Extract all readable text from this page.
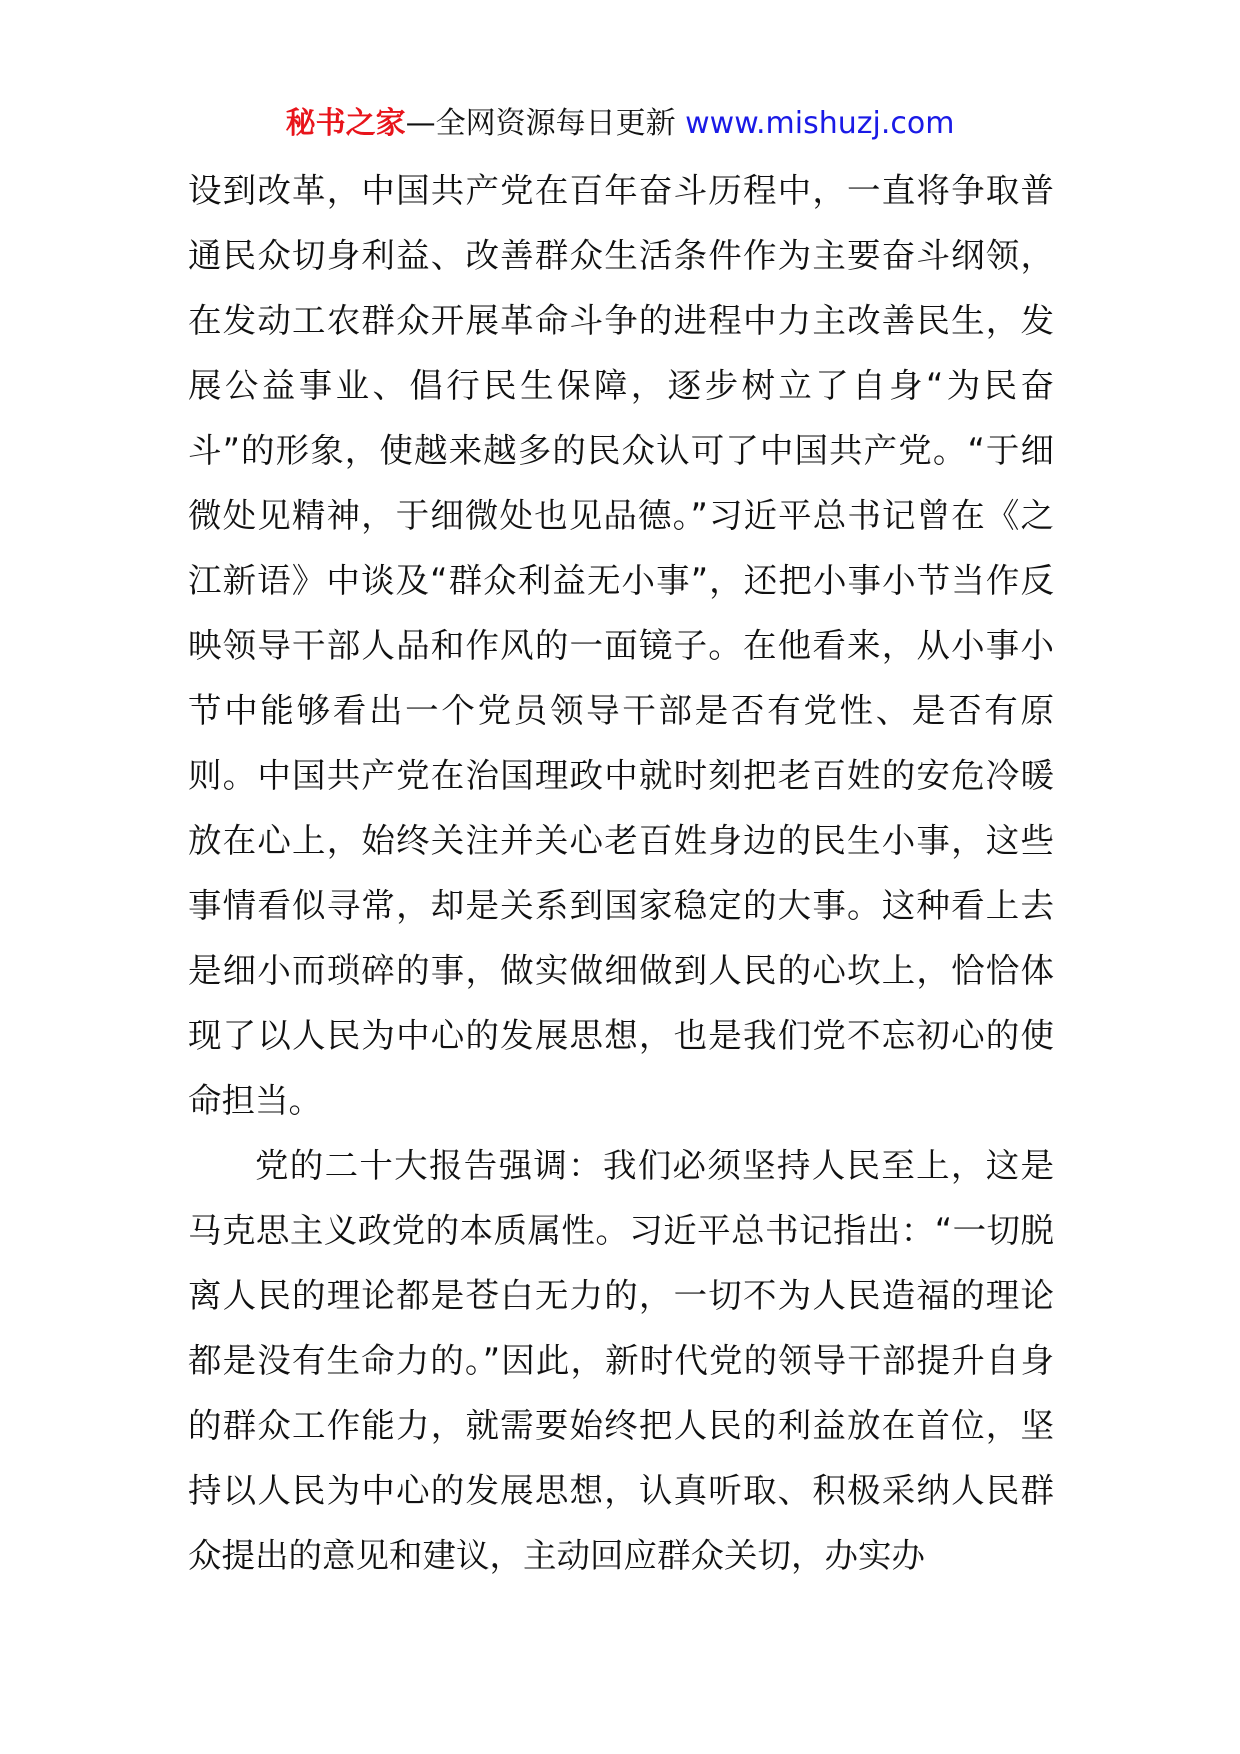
秘书之家—全网资源每日更新 www.mishuzj.com

设到改革，中国共产党在百年奋斗历程中，一直将争取普通民众切身利益、改善群众生活条件作为主要奋斗纲领，在发动工农群众开展革命斗争的进程中力主改善民生，发展公益事业、倡行民生保障，逐步树立了自身“为民奋斗”的形象，使越来越多的民众认可了中国共产党。“于细微处见精神，于细微处也见品德。”习近平总书记曾在《之江新语》中谈及“群众利益无小事”，还把小事小节当作反映领导干部人品和作风的一面镜子。在他看来，从小事小节中能够看出一个党员领导干部是否有党性、是否有原则。中国共产党在治国理政中就时刻把老百姓的安危冷暖放在心上，始终关注并关心老百姓身边的民生小事，这些事情看似寻常，却是关系到国家稳定的大事。这种看上去是细小而琐碎的事，做实做细做到人民的心坎上，恰恰体现了以人民为中心的发展思想，也是我们党不忘初心的使命担当。

党的二十大报告强调：我们必须坚持人民至上，这是马克思主义政党的本质属性。习近平总书记指出：“一切脱离人民的理论都是苍白无力的，一切不为人民造福的理论都是没有生命力的。”因此，新时代党的领导干部提升自身的群众工作能力，就需要始终把人民的利益放在首位，坚持以人民为中心的发展思想，认真听取、积极采纳人民群众提出的意见和建议，主动回应群众关切，办实办
